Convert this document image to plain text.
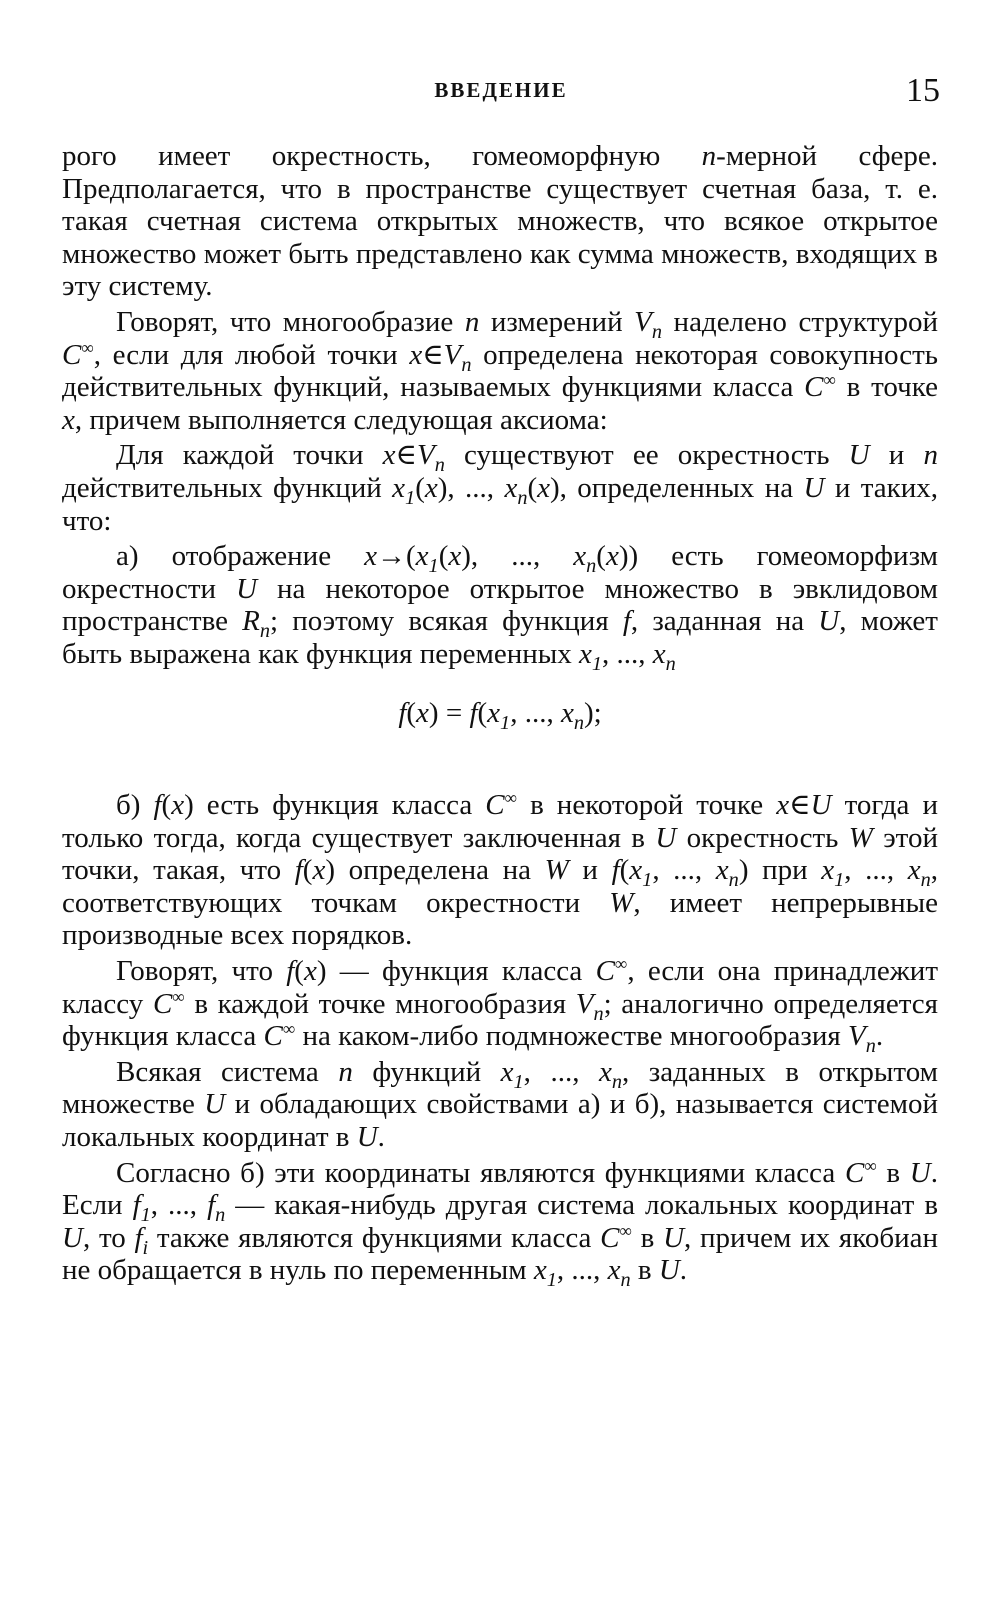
ВВЕДЕНИЕ	15

рого имеет окрестность, гомеоморфную n-мерной сфере. Предполагается, что в пространстве существует счетная база, т. е. такая счетная система открытых множеств, что всякое открытое множество может быть представлено как сумма множеств, входящих в эту систему.

Говорят, что многообразие n измерений $V_n$ наделено структурой C∞, если для любой точки $x\in V_n$ определена некоторая совокупность действительных функций, называемых функциями класса C∞ в точке x, причем выполняется следующая аксиома:

Для каждой точки $x\in V_n$ существуют ее окрестность U и n действительных функций $x_1(x)$, ..., $x_n(x)$, определенных на U и таких, что:

а) отображение $x\to(x_1(x)$, ..., $x_n(x)$) есть гомеоморфизм окрестности U на некоторое открытое множество в эвклидовом пространстве $R_n$; поэтому всякая функция f, заданная на U, может быть выражена как функция переменных $x_1$, ..., $x_n$

$f(x) = f(x_1$, ..., $x_n$);

б) f(x) есть функция класса C∞ в некоторой точке x∈U тогда и только тогда, когда существует заключенная в U окрестность W этой точки, такая, что f(x) определена на W и $f(x_1$, ..., $x_n$) при $x_1$, ..., $x_n$, соответствующих точкам окрестности W, имеет непрерывные производные всех порядков.

Говорят, что f(x) — функция класса C∞, если она принадлежит классу C∞ в каждой точке многообразия $V_n$; аналогично определяется функция класса C∞ на каком-либо подмножестве многообразия $V_n$.

Всякая система n функций $x_1$, ..., $x_n$, заданных в открытом множестве U и обладающих свойствами а) и б), называется системой локальных координат в U.

Согласно б) эти координаты являются функциями класса C∞ в U. Если $f_1$, ..., $f_n$ — какая-нибудь другая система локальных координат в U, то $f_i$ также являются функциями класса C∞ в U, причем их якобиан не обращается в нуль по переменным $x_1$, ..., $x_n$ в U.
